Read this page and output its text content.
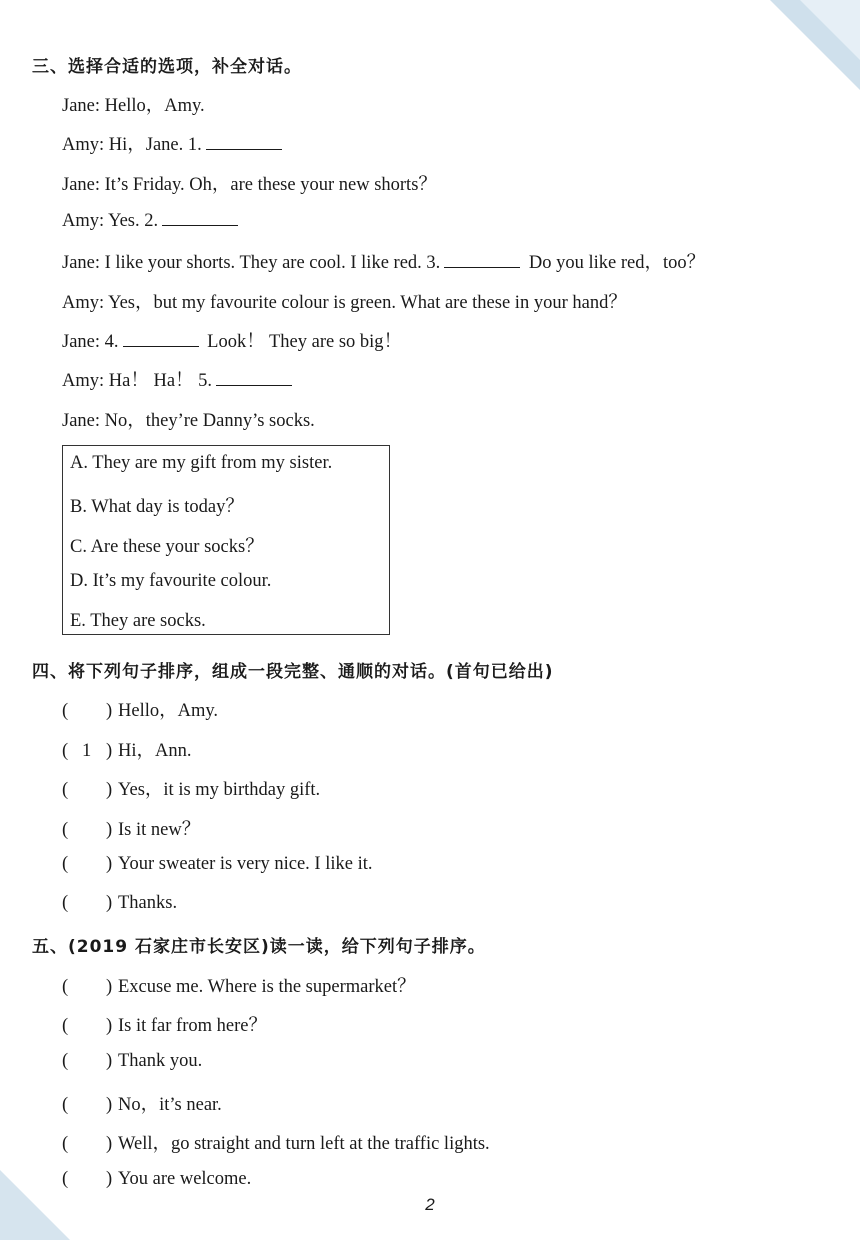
三、选择合适的选项，补全对话。
Jane: Hello，Amy.
Amy: Hi，Jane. 1.
Jane: It’s Friday. Oh，are these your new shorts？
Amy: Yes. 2.
Jane: I like your shorts. They are cool. I like red. 3.	Do you like red，too？
Amy: Yes，but my favourite colour is green. What are these in your hand？
Jane: 4.	Look！ They are so big！
Amy: Ha！ Ha！ 5.
Jane: No，they’re Danny’s socks.
A. They are my gift from my sister.
B. What day is today？
C. Are these your socks？
D. It’s my favourite colour.
E. They are socks.
四、将下列句子排序，组成一段完整、通顺的对话。(首句已给出)
(  ) Hello，Amy.
(   1 ) Hi，Ann.
(  ) Yes，it is my birthday gift.
(  ) Is it new？
(  ) Your sweater is very nice. I like it.
(  ) Thanks.
五、(2019 石家庄市长安区)读一读，给下列句子排序。
(  ) Excuse me. Where is the supermarket？
(  ) Is it far from here？
(  ) Thank you.
(  ) No，it’s near.
(  ) Well，go straight and turn left at the traffic lights.
(  ) You are welcome.
2
